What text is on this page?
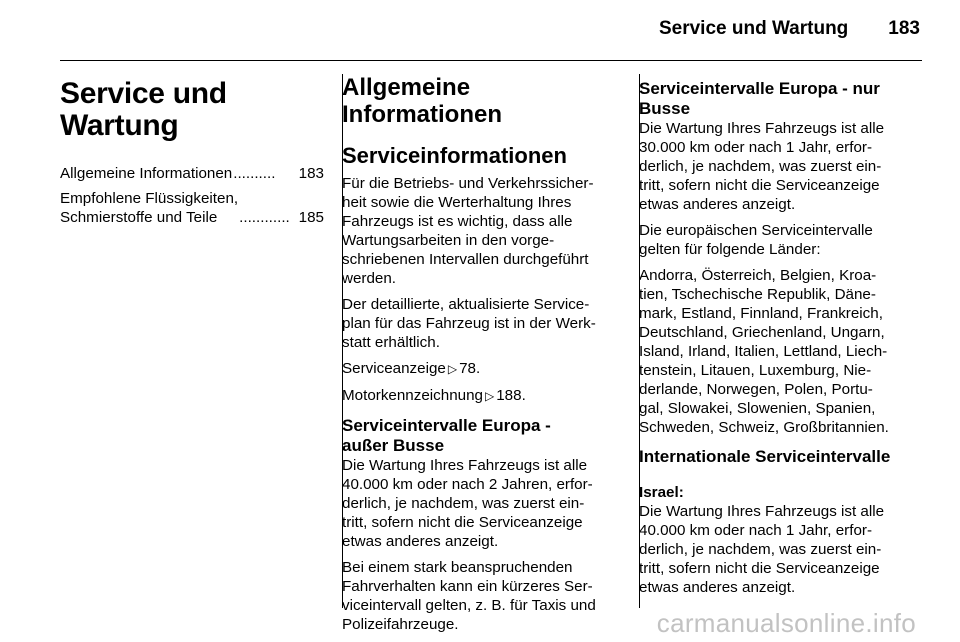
Service und Wartung 183
Service und Wartung
Allgemeine Informationen ..........	183
Empfohlene Flüssigkeiten,
Schmierstoffe und Teile	............ 185
Allgemeine
Informationen
Serviceinformationen

Für die Betriebs- und Verkehrssicher-
heit sowie die Werterhaltung Ihres
Fahrzeugs ist es wichtig, dass alle
Wartungsarbeiten in den vorge-
schriebenen Intervallen durchgeführt
werden.

Der detaillierte, aktualisierte Service-
plan für das Fahrzeug ist in der Werk-
statt erhältlich.

Serviceanzeige ▷ 78.

Motorkennzeichnung ▷ 188.

Serviceintervalle Europa -
außer Busse

Die Wartung Ihres Fahrzeugs ist alle
40.000 km oder nach 2 Jahren, erfor-
derlich, je nachdem, was zuerst ein-
tritt, sofern nicht die Serviceanzeige
etwas anderes anzeigt.

Bei einem stark beanspruchenden
Fahrverhalten kann ein kürzeres Ser-
viceintervall gelten, z. B. für Taxis und
Polizeifahrzeuge.

Serviceintervalle Europa - nur
Busse

Die Wartung Ihres Fahrzeugs ist alle
30.000 km oder nach 1 Jahr, erfor-
derlich, je nachdem, was zuerst ein-
tritt, sofern nicht die Serviceanzeige
etwas anderes anzeigt.

Die europäischen Serviceintervalle
gelten für folgende Länder:

Andorra, Österreich, Belgien, Kroa-
tien, Tschechische Republik, Däne-
mark, Estland, Finnland, Frankreich,
Deutschland, Griechenland, Ungarn,
Island, Irland, Italien, Lettland, Liech-
tenstein, Litauen, Luxemburg, Nie-
derlande, Norwegen, Polen, Portu-
gal, Slowakei, Slowenien, Spanien,
Schweden, Schweiz, Großbritannien.

Internationale Serviceintervalle
Israel:

Die Wartung Ihres Fahrzeugs ist alle
40.000 km oder nach 1 Jahr, erfor-
derlich, je nachdem, was zuerst ein-
tritt, sofern nicht die Serviceanzeige
etwas anderes anzeigt.

carmanualsonline.info
